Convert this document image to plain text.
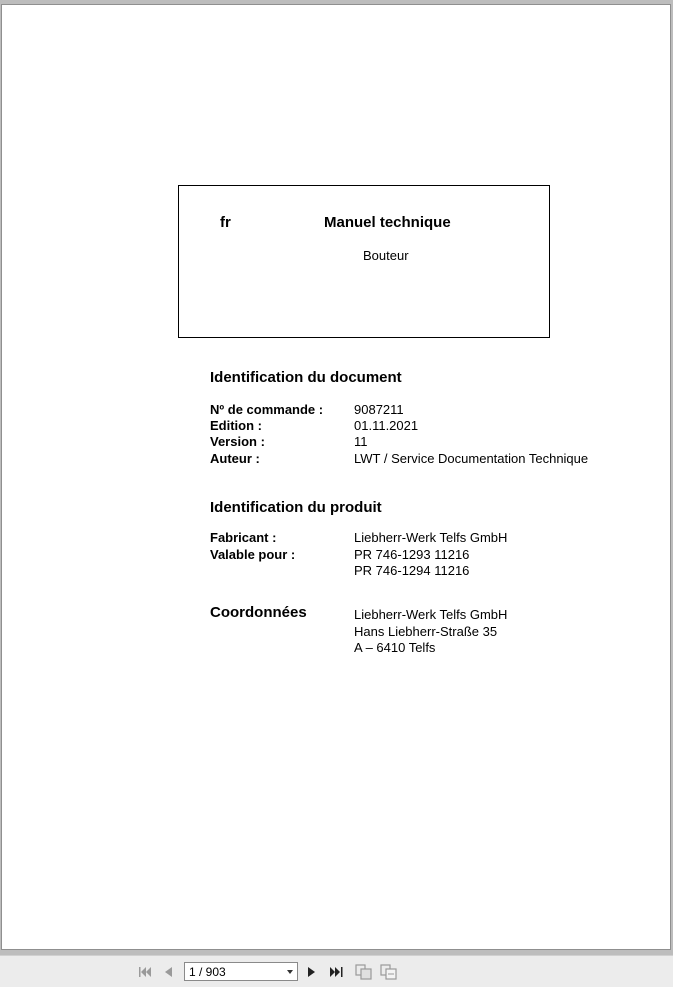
fr	Manuel technique
Bouteur
Identification du document
Nº de commande : 9087211
Edition :	01.11.2021
Version :	11
Auteur :	LWT / Service Documentation Technique
Identification du produit
Fabricant :	Liebherr-Werk Telfs GmbH
Valable pour :	PR 746-1293 11216
PR 746-1294 11216
Coordonnées	Liebherr-Werk Telfs GmbH
Hans Liebherr-Straße 35
A – 6410 Telfs
1 / 903
